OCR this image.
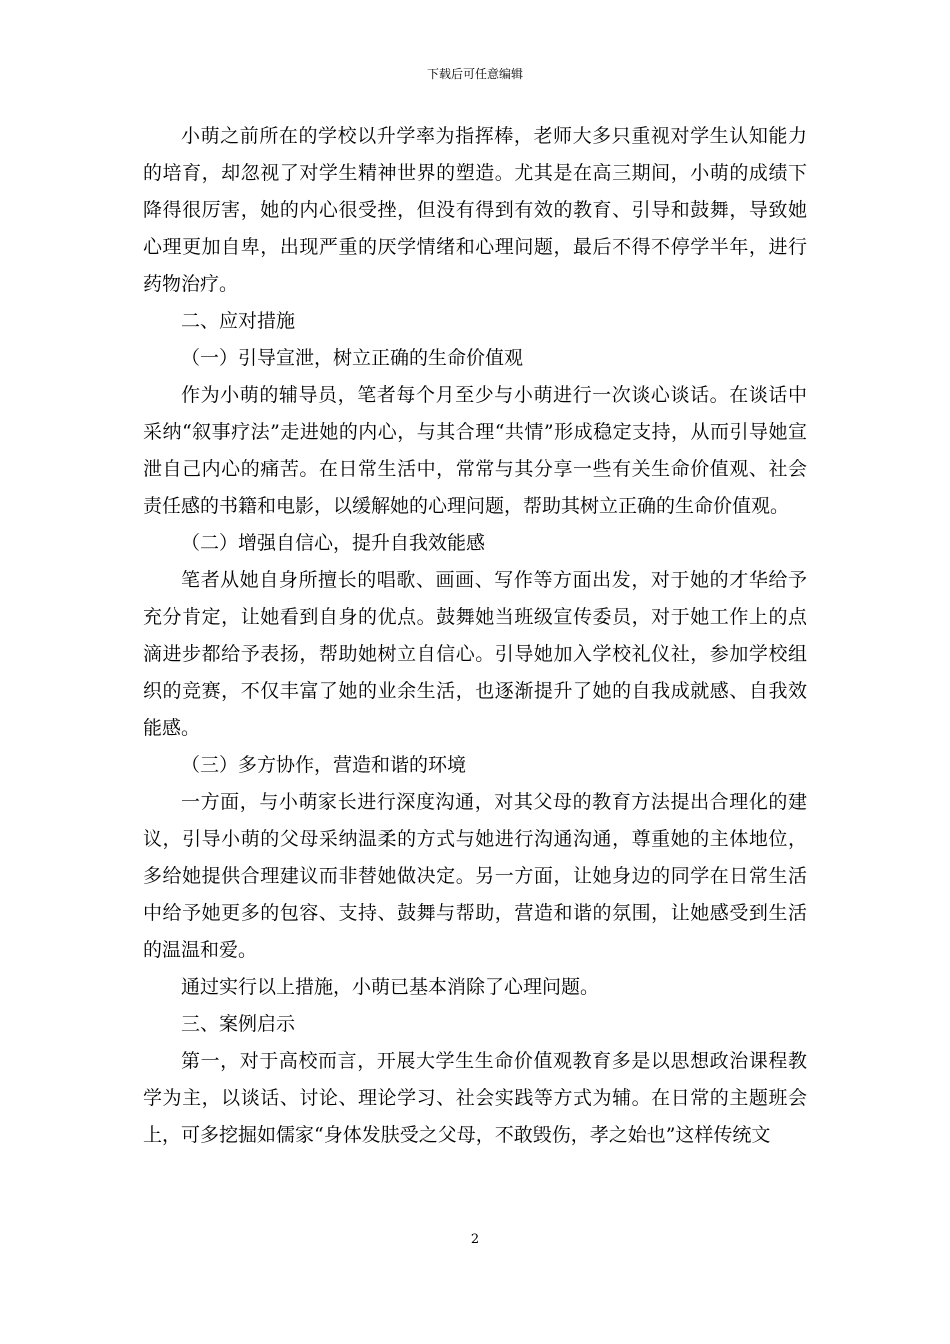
下载后可任意编辑

小萌之前所在的学校以升学率为指挥棒，老师大多只重视对学生认知能力的培育，却忽视了对学生精神世界的塑造。尤其是在高三期间，小萌的成绩下降得很厉害，她的内心很受挫，但没有得到有效的教育、引导和鼓舞，导致她心理更加自卑，出现严重的厌学情绪和心理问题，最后不得不停学半年，进行药物治疗。

二、应对措施

（一）引导宣泄，树立正确的生命价值观

作为小萌的辅导员，笔者每个月至少与小萌进行一次谈心谈话。在谈话中采纳“叙事疗法”走进她的内心，与其合理“共情”形成稳定支持，从而引导她宣泄自己内心的痛苦。在日常生活中，常常与其分享一些有关生命价值观、社会责任感的书籍和电影，以缓解她的心理问题，帮助其树立正确的生命价值观。

（二）增强自信心，提升自我效能感

笔者从她自身所擅长的唱歌、画画、写作等方面出发，对于她的才华给予充分肯定，让她看到自身的优点。鼓舞她当班级宣传委员，对于她工作上的点滴进步都给予表扬，帮助她树立自信心。引导她加入学校礼仪社，参加学校组织的竞赛，不仅丰富了她的业余生活，也逐渐提升了她的自我成就感、自我效能感。

（三）多方协作，营造和谐的环境

一方面，与小萌家长进行深度沟通，对其父母的教育方法提出合理化的建议，引导小萌的父母采纳温柔的方式与她进行沟通沟通，尊重她的主体地位，多给她提供合理建议而非替她做决定。另一方面，让她身边的同学在日常生活中给予她更多的包容、支持、鼓舞与帮助，营造和谐的氛围，让她感受到生活的温温和爱。

通过实行以上措施，小萌已基本消除了心理问题。

三、案例启示

第一，对于高校而言，开展大学生生命价值观教育多是以思想政治课程教学为主，以谈话、讨论、理论学习、社会实践等方式为辅。在日常的主题班会上，可多挖掘如儒家“身体发肤受之父母，不敢毁伤，孝之始也”这样传统文

2
